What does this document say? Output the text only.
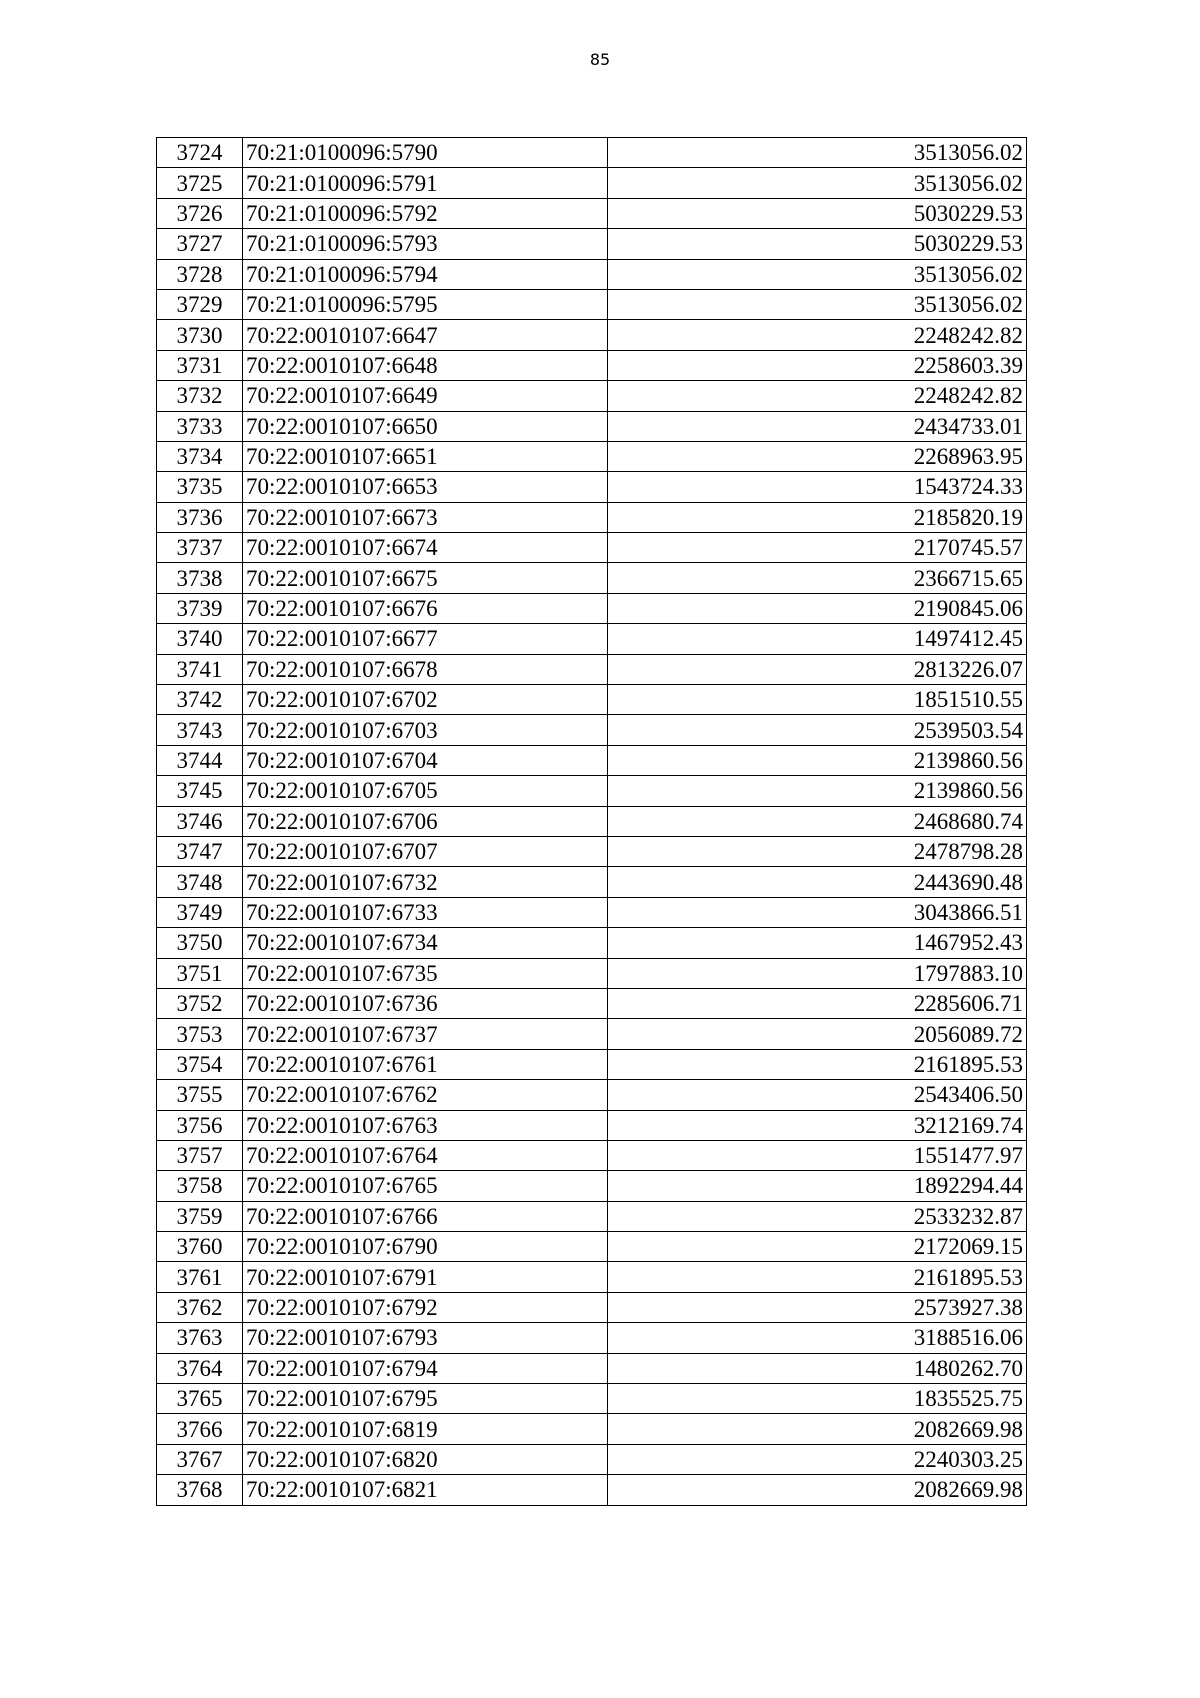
85
3724	70:21:0100096:5790	3513056.02
3725	70:21:0100096:5791	3513056.02
3726	70:21:0100096:5792	5030229.53
3727	70:21:0100096:5793	5030229.53
3728	70:21:0100096:5794	3513056.02
3729	70:21:0100096:5795	3513056.02
3730	70:22:0010107:6647	2248242.82
3731	70:22:0010107:6648	2258603.39
3732	70:22:0010107:6649	2248242.82
3733	70:22:0010107:6650	2434733.01
3734	70:22:0010107:6651	2268963.95
3735	70:22:0010107:6653	1543724.33
3736	70:22:0010107:6673	2185820.19
3737	70:22:0010107:6674	2170745.57
3738	70:22:0010107:6675	2366715.65
3739	70:22:0010107:6676	2190845.06
3740	70:22:0010107:6677	1497412.45
3741	70:22:0010107:6678	2813226.07
3742	70:22:0010107:6702	1851510.55
3743	70:22:0010107:6703	2539503.54
3744	70:22:0010107:6704	2139860.56
3745	70:22:0010107:6705	2139860.56
3746	70:22:0010107:6706	2468680.74
3747	70:22:0010107:6707	2478798.28
3748	70:22:0010107:6732	2443690.48
3749	70:22:0010107:6733	3043866.51
3750	70:22:0010107:6734	1467952.43
3751	70:22:0010107:6735	1797883.10
3752	70:22:0010107:6736	2285606.71
3753	70:22:0010107:6737	2056089.72
3754	70:22:0010107:6761	2161895.53
3755	70:22:0010107:6762	2543406.50
3756	70:22:0010107:6763	3212169.74
3757	70:22:0010107:6764	1551477.97
3758	70:22:0010107:6765	1892294.44
3759	70:22:0010107:6766	2533232.87
3760	70:22:0010107:6790	2172069.15
3761	70:22:0010107:6791	2161895.53
3762	70:22:0010107:6792	2573927.38
3763	70:22:0010107:6793	3188516.06
3764	70:22:0010107:6794	1480262.70
3765	70:22:0010107:6795	1835525.75
3766	70:22:0010107:6819	2082669.98
3767	70:22:0010107:6820	2240303.25
3768	70:22:0010107:6821	2082669.98
